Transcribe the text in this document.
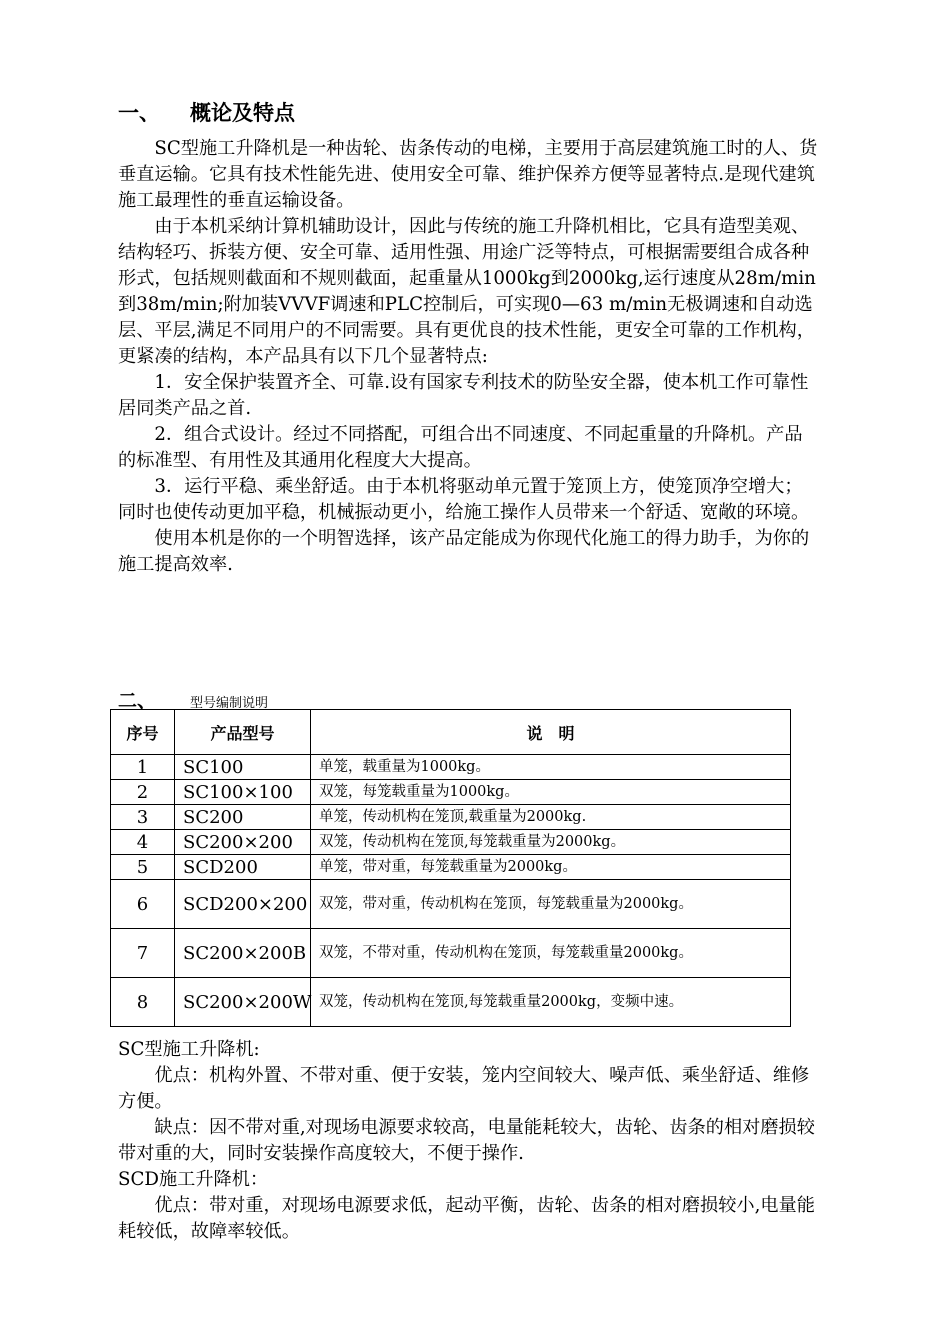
一、 概论及特点

SC型施工升降机是一种齿轮、齿条传动的电梯，主要用于高层建筑施工时的人、货垂直运输。它具有技术性能先进、使用安全可靠、维护保养方便等显著特点.是现代建筑施工最理性的垂直运输设备。

由于本机采纳计算机辅助设计，因此与传统的施工升降机相比，它具有造型美观、结构轻巧、拆装方便、安全可靠、适用性强、用途广泛等特点，可根据需要组合成各种形式，包括规则截面和不规则截面，起重量从1000kg到2000kg,运行速度从28m/min到38m/min;附加装VVVF调速和PLC控制后，可实现0—63 m/min无极调速和自动选层、平层,满足不同用户的不同需要。具有更优良的技术性能，更安全可靠的工作机构，更紧凑的结构，本产品具有以下几个显著特点:

1．安全保护装置齐全、可靠.设有国家专利技术的防坠安全器，使本机工作可靠性居同类产品之首.

2．组合式设计。经过不同搭配，可组合出不同速度、不同起重量的升降机。产品的标准型、有用性及其通用化程度大大提高。

3．运行平稳、乘坐舒适。由于本机将驱动单元置于笼顶上方，使笼顶净空增大；同时也使传动更加平稳，机械振动更小，给施工操作人员带来一个舒适、宽敞的环境。

使用本机是你的一个明智选择，该产品定能成为你现代化施工的得力助手，为你的施工提高效率.

二、	型号编制说明
序号	产品型号	说　明
1	SC100	单笼，载重量为1000kg。
2	SC100×100	双笼，每笼载重量为1000kg。
3	SC200	单笼，传动机构在笼顶,载重量为2000kg.
4	SC200×200	双笼，传动机构在笼顶,每笼载重量为2000kg。
5	SCD200	单笼，带对重，每笼载重量为2000kg。
6	SCD200×200	双笼，带对重，传动机构在笼顶，每笼载重量为2000kg。
7	SC200×200B	双笼，不带对重，传动机构在笼顶，每笼载重量2000kg。
8	SC200×200W	双笼，传动机构在笼顶,每笼载重量2000kg，变频中速。

SC型施工升降机:

优点：机构外置、不带对重、便于安装，笼内空间较大、噪声低、乘坐舒适、维修方便。

缺点：因不带对重,对现场电源要求较高，电量能耗较大，齿轮、齿条的相对磨损较带对重的大，同时安装操作高度较大，不便于操作.

SCD施工升降机：

优点：带对重，对现场电源要求低，起动平衡，齿轮、齿条的相对磨损较小,电量能耗较低，故障率较低。
